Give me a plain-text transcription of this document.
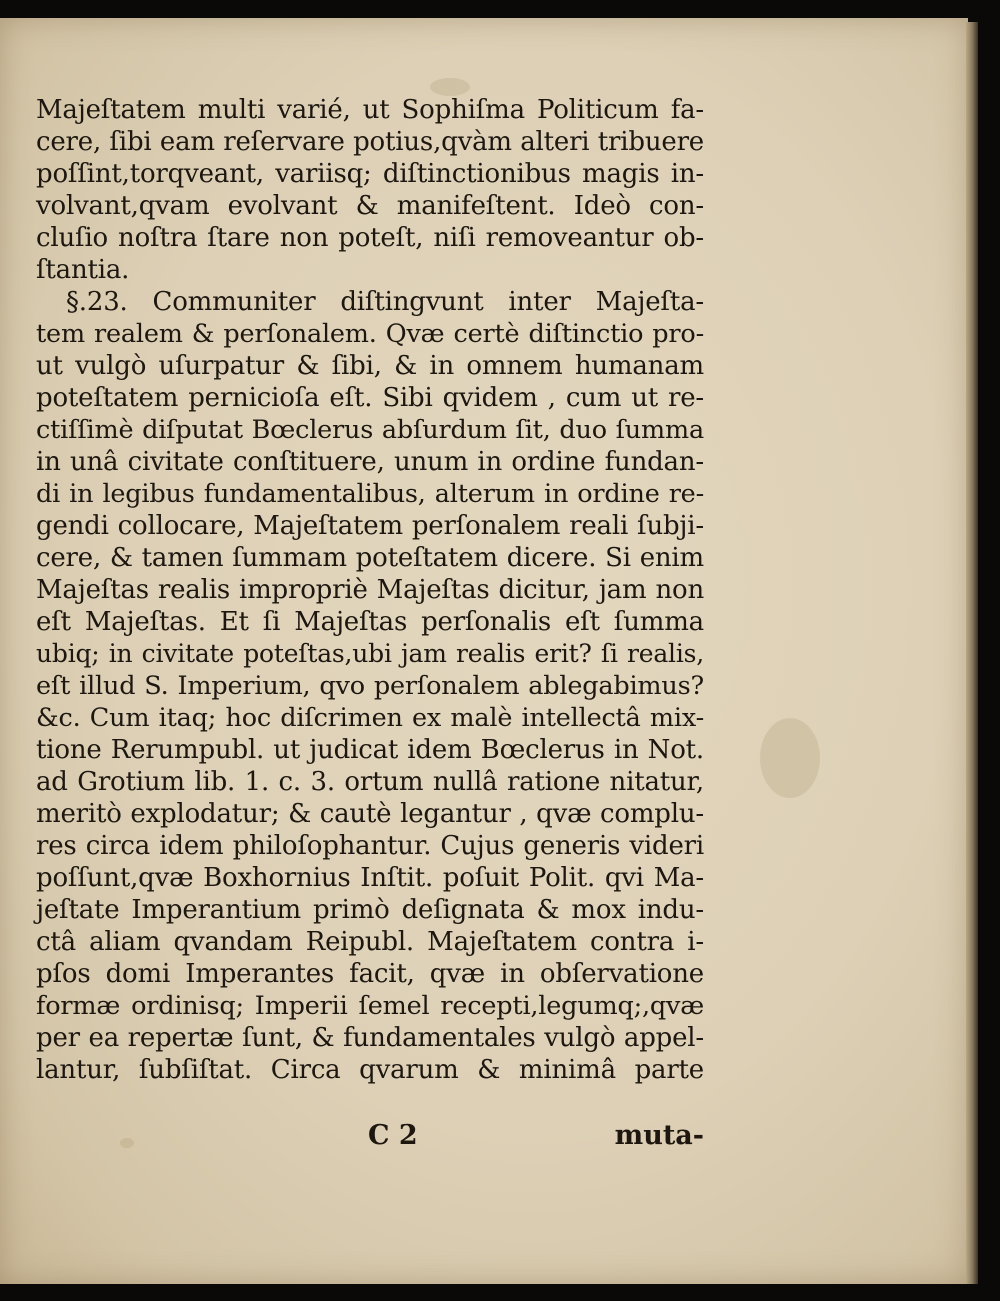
Majeſtatem multi varié, ut Sophiſma Politicum fa-
cere, ſibi eam reſervare potius,qvàm alteri tribuere
poſſint,torqveant, variisq; diſtinctionibus magis in-
volvant,qvam evolvant & manifeſtent. Ideò con-
cluſio noſtra ſtare non poteſt, niſi removeantur ob-
ſtantia.
§.23. Communiter diſtingvunt inter Majeſta-
tem realem & perſonalem. Qvæ certè diſtinctio pro-
ut vulgò uſurpatur & ſibi, & in omnem humanam
poteſtatem pernicioſa eſt. Sibi qvidem , cum ut re-
ctiſſimè diſputat Bœclerus abſurdum ſit, duo ſumma
in unâ civitate conſtituere, unum in ordine fundan-
di in legibus fundamentalibus, alterum in ordine re-
gendi collocare, Majeſtatem perſonalem reali ſubji-
cere, & tamen ſummam poteſtatem dicere. Si enim
Majeſtas realis impropriè Majeſtas dicitur, jam non
eſt Majeſtas. Et ſi Majeſtas perſonalis eſt ſumma
ubiq; in civitate poteſtas,ubi jam realis erit? ſi realis,
eſt illud S. Imperium, qvo perſonalem ablegabimus?
&c. Cum itaq; hoc diſcrimen ex malè intellectâ mix-
tione Rerumpubl. ut judicat idem Bœclerus in Not.
ad Grotium lib. 1. c. 3. ortum nullâ ratione nitatur,
meritò explodatur; & cautè legantur , qvæ complu-
res circa idem philoſophantur. Cujus generis videri
poſſunt,qvæ Boxhornius Inſtit. poſuit Polit. qvi Ma-
jeſtate Imperantium primò deſignata & mox indu-
ctâ aliam qvandam Reipubl. Majeſtatem contra i-
pſos domi Imperantes facit, qvæ in obſervatione
formæ ordinisq; Imperii ſemel recepti,legumq;,qvæ
per ea repertæ ſunt, & fundamentales vulgò appel-
lantur, ſubſiſtat. Circa qvarum & minimâ parte
C 2	muta-
